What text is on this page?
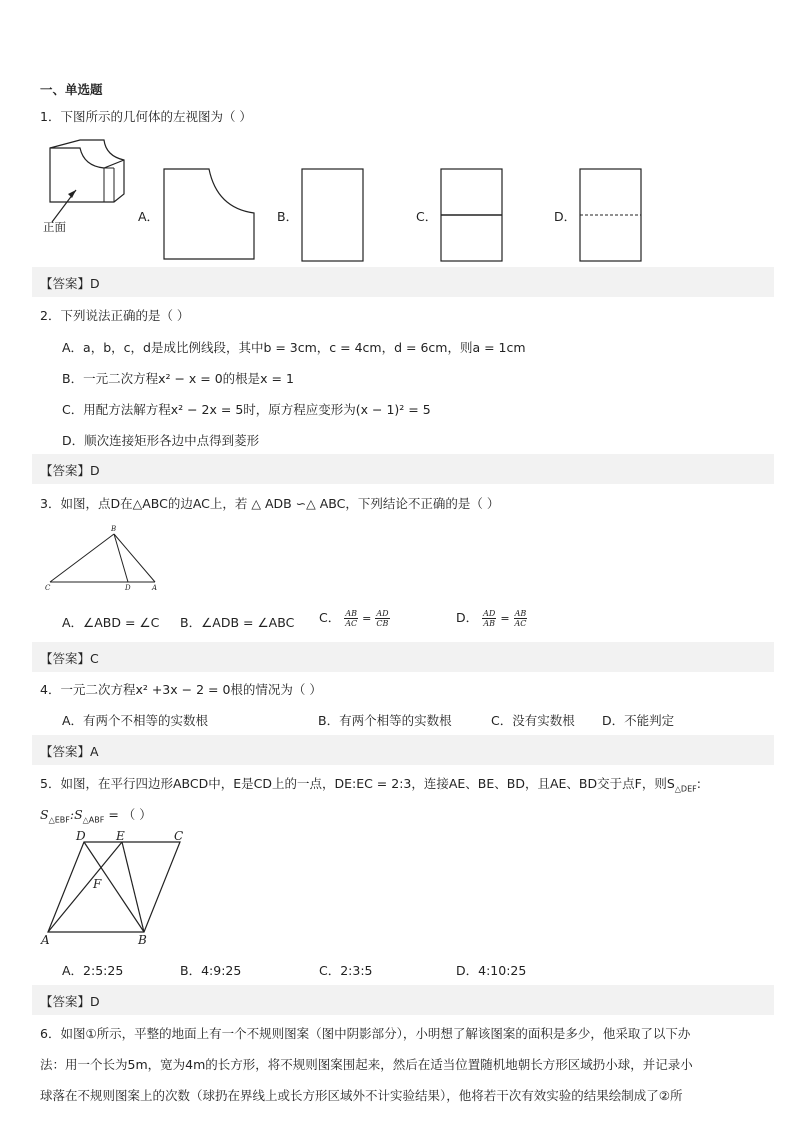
一、单选题
1．下图所示的几何体的左视图为（ ）
正面
A．	B．	C．	D．
【答案】D
2．下列说法正确的是（ ）
A．a，b，c，d是成比例线段，其中b = 3cm，c = 4cm，d = 6cm，则a = 1cm
B．一元二次方程x² − x = 0的根是x = 1
C．用配方法解方程x² − 2x = 5时，原方程应变形为(x − 1)² = 5
D．顺次连接矩形各边中点得到菱形
【答案】D
3．如图，点D在△ABC的边AC上，若 △ ADB ∽△ ABC，下列结论不正确的是（ ）
B
C	D	A
A．∠ABD = ∠C B．∠ADB = ∠ABC C． $\frac{AB}{AC} = \frac{AD}{CB}$	D． $\frac{AD}{AB} = \frac{AB}{AC}$
【答案】C
4．一元二次方程x² +3x − 2 = 0根的情况为（ ）
A．有两个不相等的实数根	B．有两个相等的实数根	C．没有实数根 D．不能判定
【答案】A
5．如图，在平行四边形ABCD中，E是CD上的一点，DE:EC = 2:3，连接AE、BE、BD，且AE、BD交于点F，则$S_{\triangle DEF}$:
$S_{\triangle EBF}:S_{\triangle ABF}$ = （ ）
D	E	C
F
A	B
A．2:5:25	B．4:9:25	C．2:3:5	D．4:10:25
【答案】D
6．如图①所示，平整的地面上有一个不规则图案（图中阴影部分），小明想了解该图案的面积是多少，他采取了以下办
法：用一个长为5m，宽为4m的长方形，将不规则图案围起来，然后在适当位置随机地朝长方形区域扔小球，并记录小
球落在不规则图案上的次数（球扔在界线上或长方形区域外不计实验结果），他将若干次有效实验的结果绘制成了②所
